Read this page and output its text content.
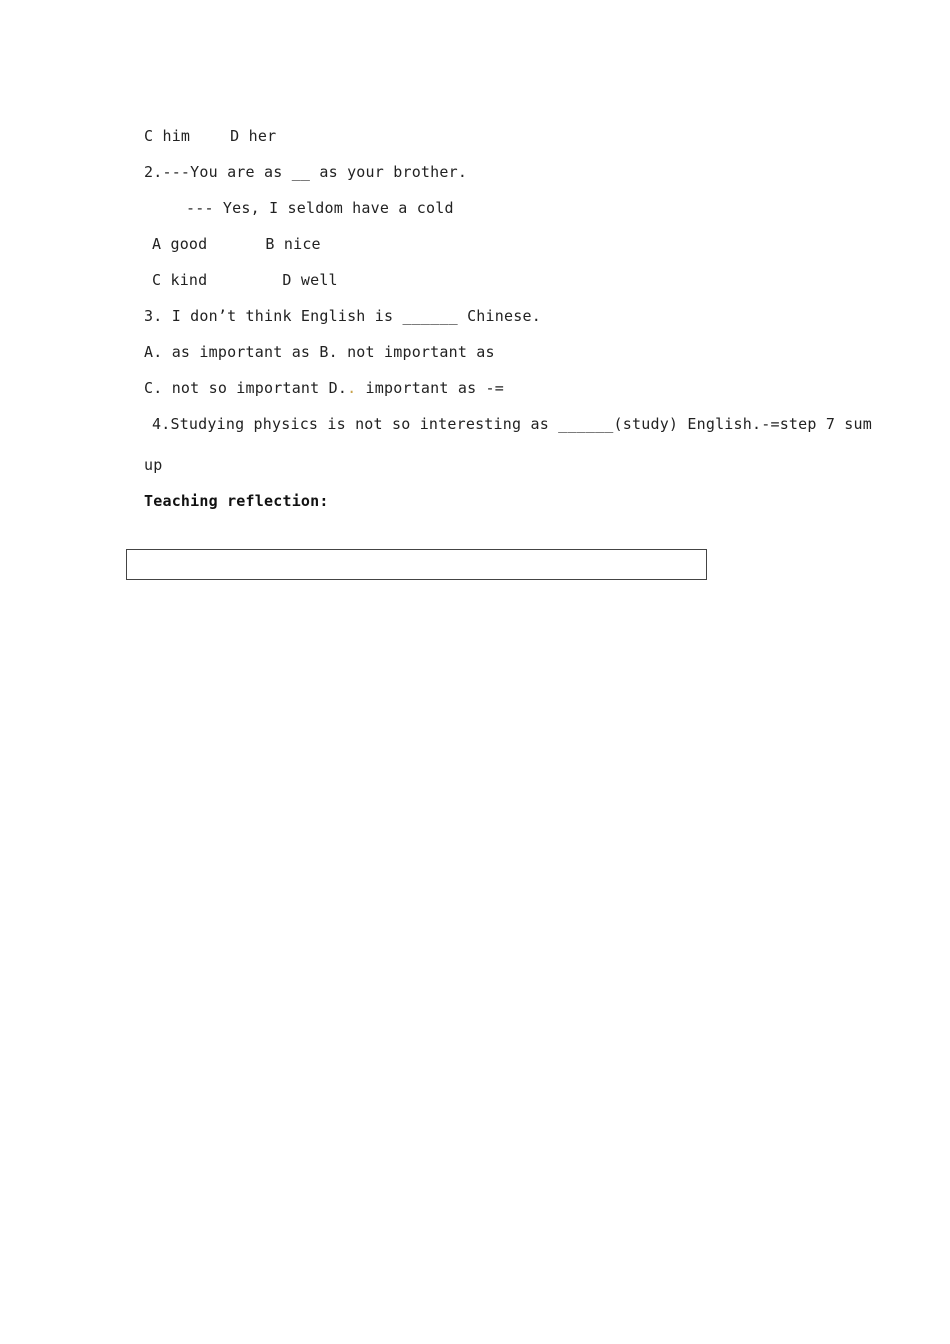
C him	D her
2.---You are as __ as your brother.
--- Yes, I seldom have a cold
A good	B nice
C kind	D well
3. I don’t think English is ______ Chinese.
A. as important as B. not important as
C. not so important D.. important as -=
4.Studying physics is not so interesting as ______(study) English.-=step 7 sum
up
Teaching reflection:
